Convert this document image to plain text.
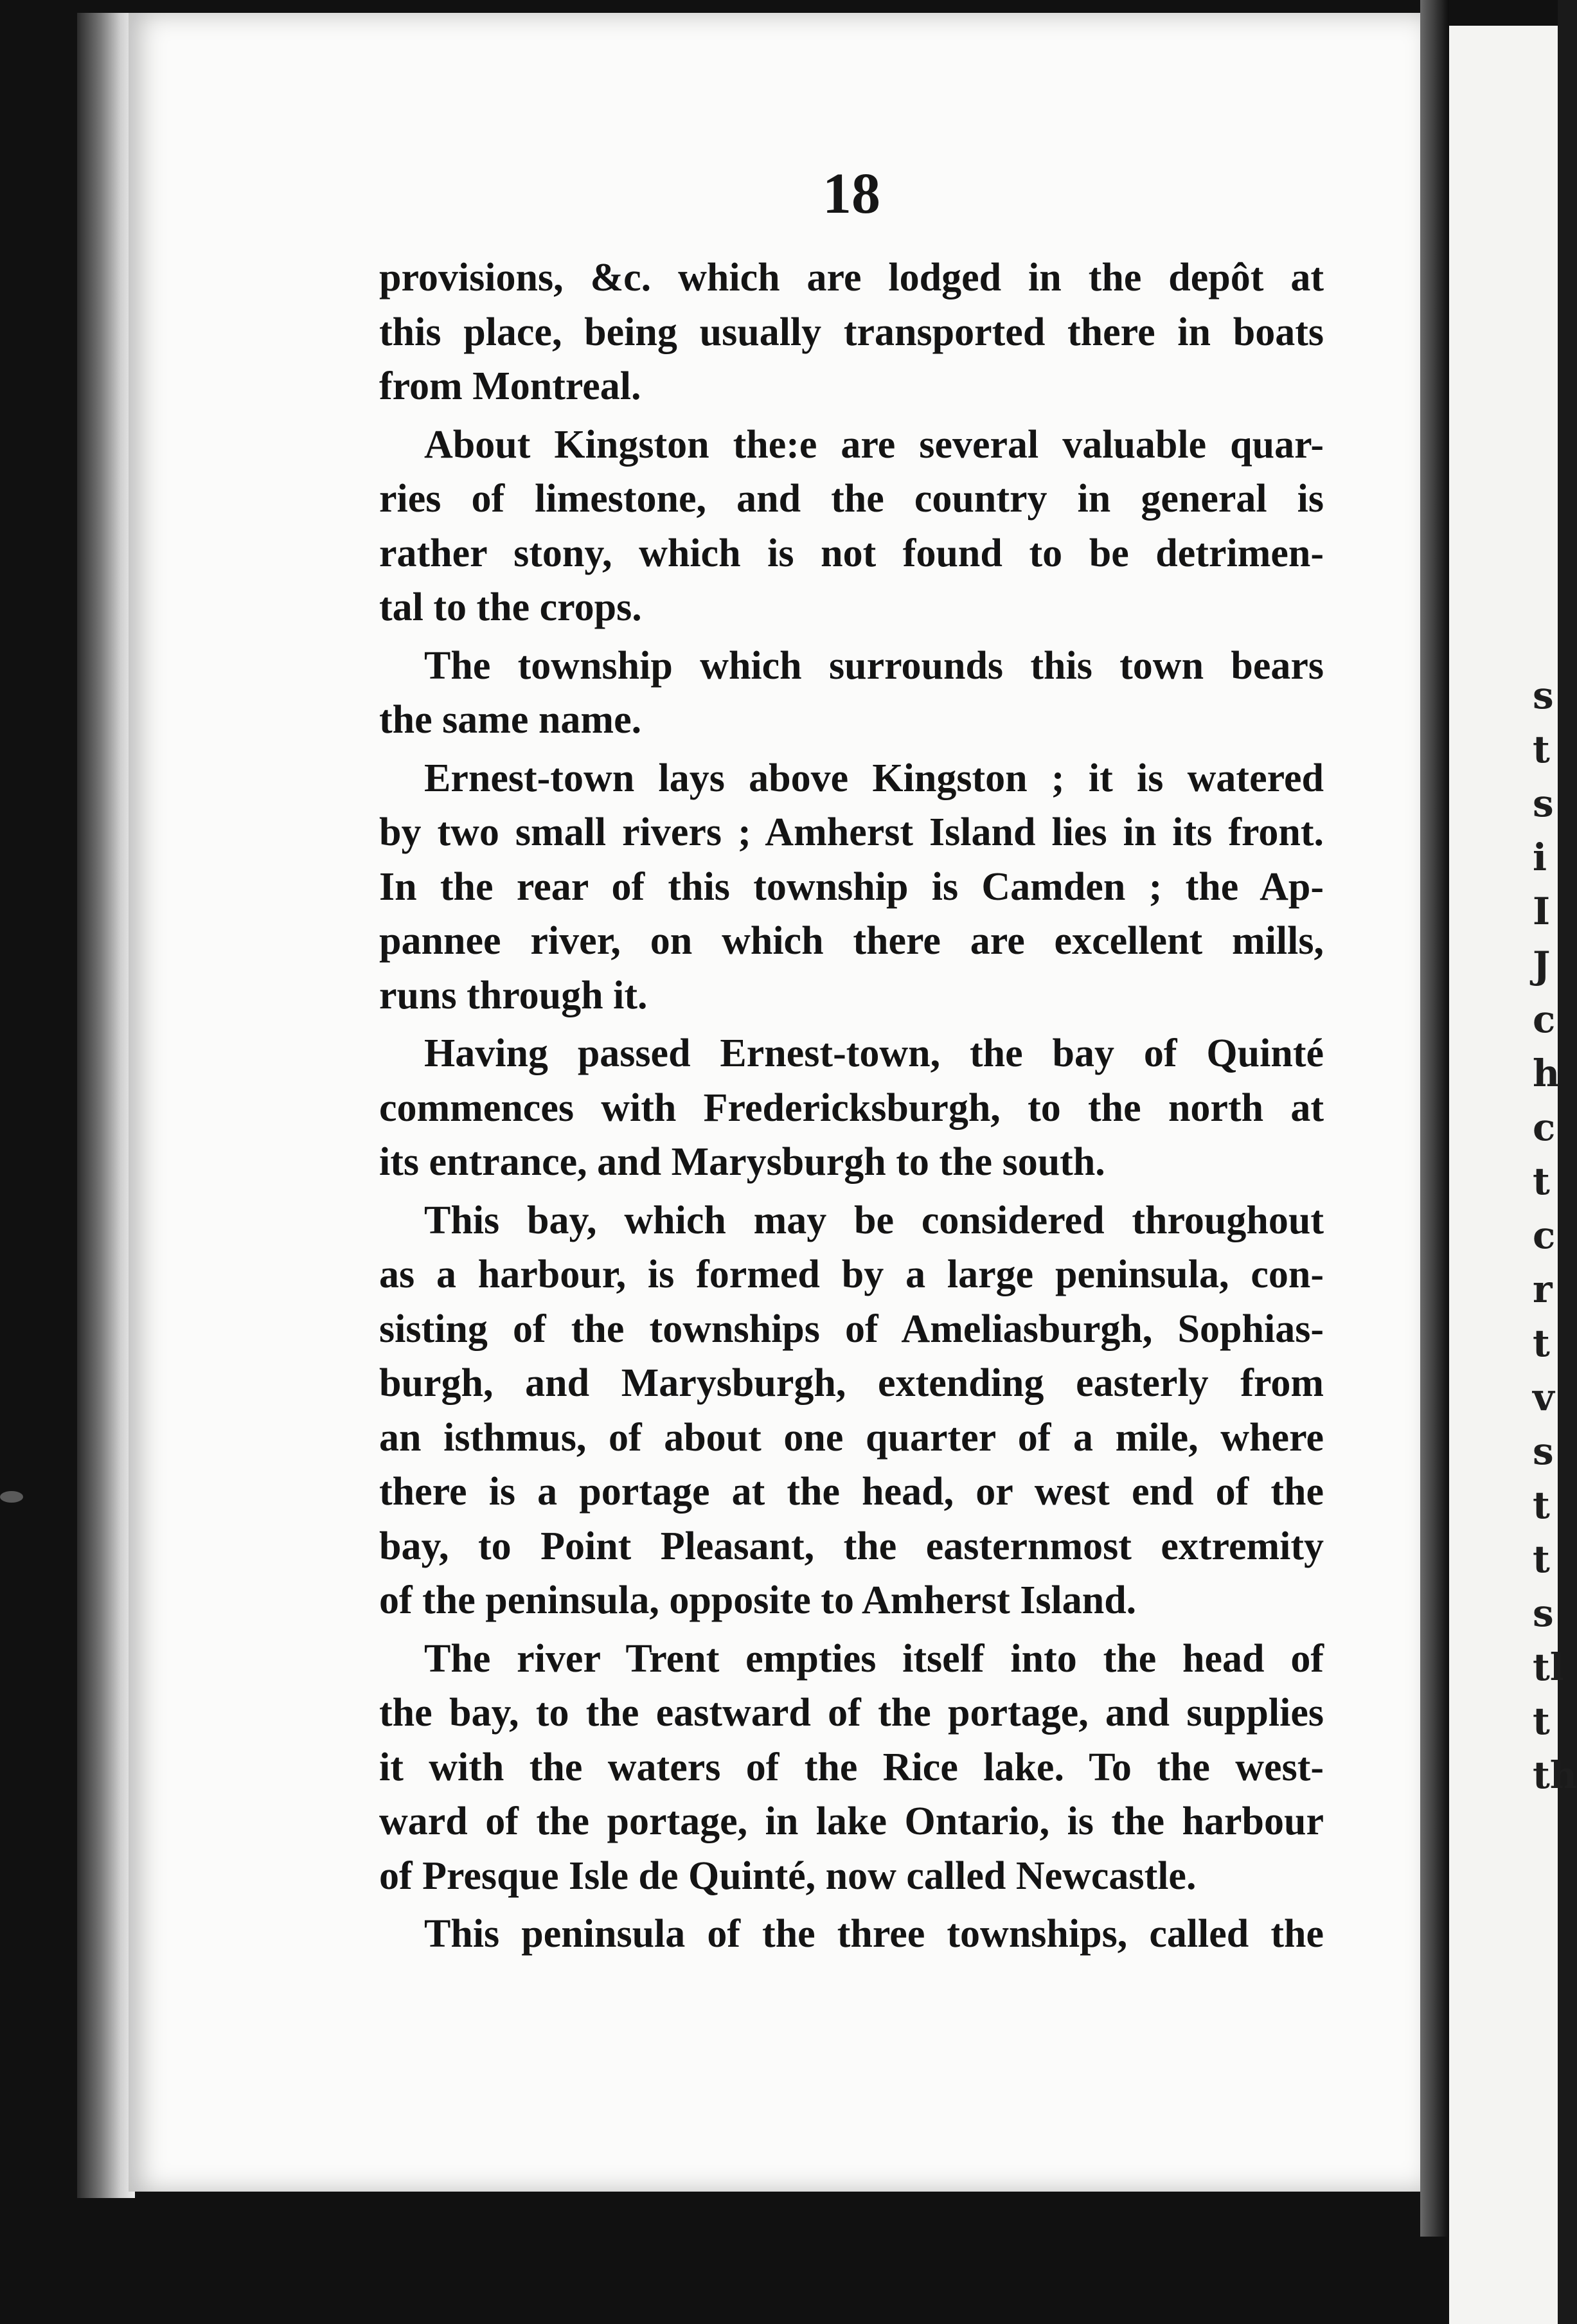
s
t
s
i
I
J
c
h
c
t
c
r
t
v
s
t
t
s
tl
t
th
18
provisions, &c. which are lodged in the depôt at
this place, being usually transported there in boats
from Montreal.
About Kingston the:e are several valuable quar-
ries of limestone, and the country in general is
rather stony, which is not found to be detrimen-
tal to the crops.
The township which surrounds this town bears
the same name.
Ernest-town lays above Kingston ; it is watered
by two small rivers ; Amherst Island lies in its front.
In the rear of this township is Camden ; the Ap-
pannee river, on which there are excellent mills,
runs through it.
Having passed Ernest-town, the bay of Quinté
commences with Fredericksburgh, to the north at
its entrance, and Marysburgh to the south.
This bay, which may be considered throughout
as a harbour, is formed by a large peninsula, con-
sisting of the townships of Ameliasburgh, Sophias-
burgh, and Marysburgh, extending easterly from
an isthmus, of about one quarter of a mile, where
there is a portage at the head, or west end of the
bay, to Point Pleasant, the easternmost extremity
of the peninsula, opposite to Amherst Island.
The river Trent empties itself into the head of
the bay, to the eastward of the portage, and supplies
it with the waters of the Rice lake. To the west-
ward of the portage, in lake Ontario, is the harbour
of Presque Isle de Quinté, now called Newcastle.
This peninsula of the three townships, called the
